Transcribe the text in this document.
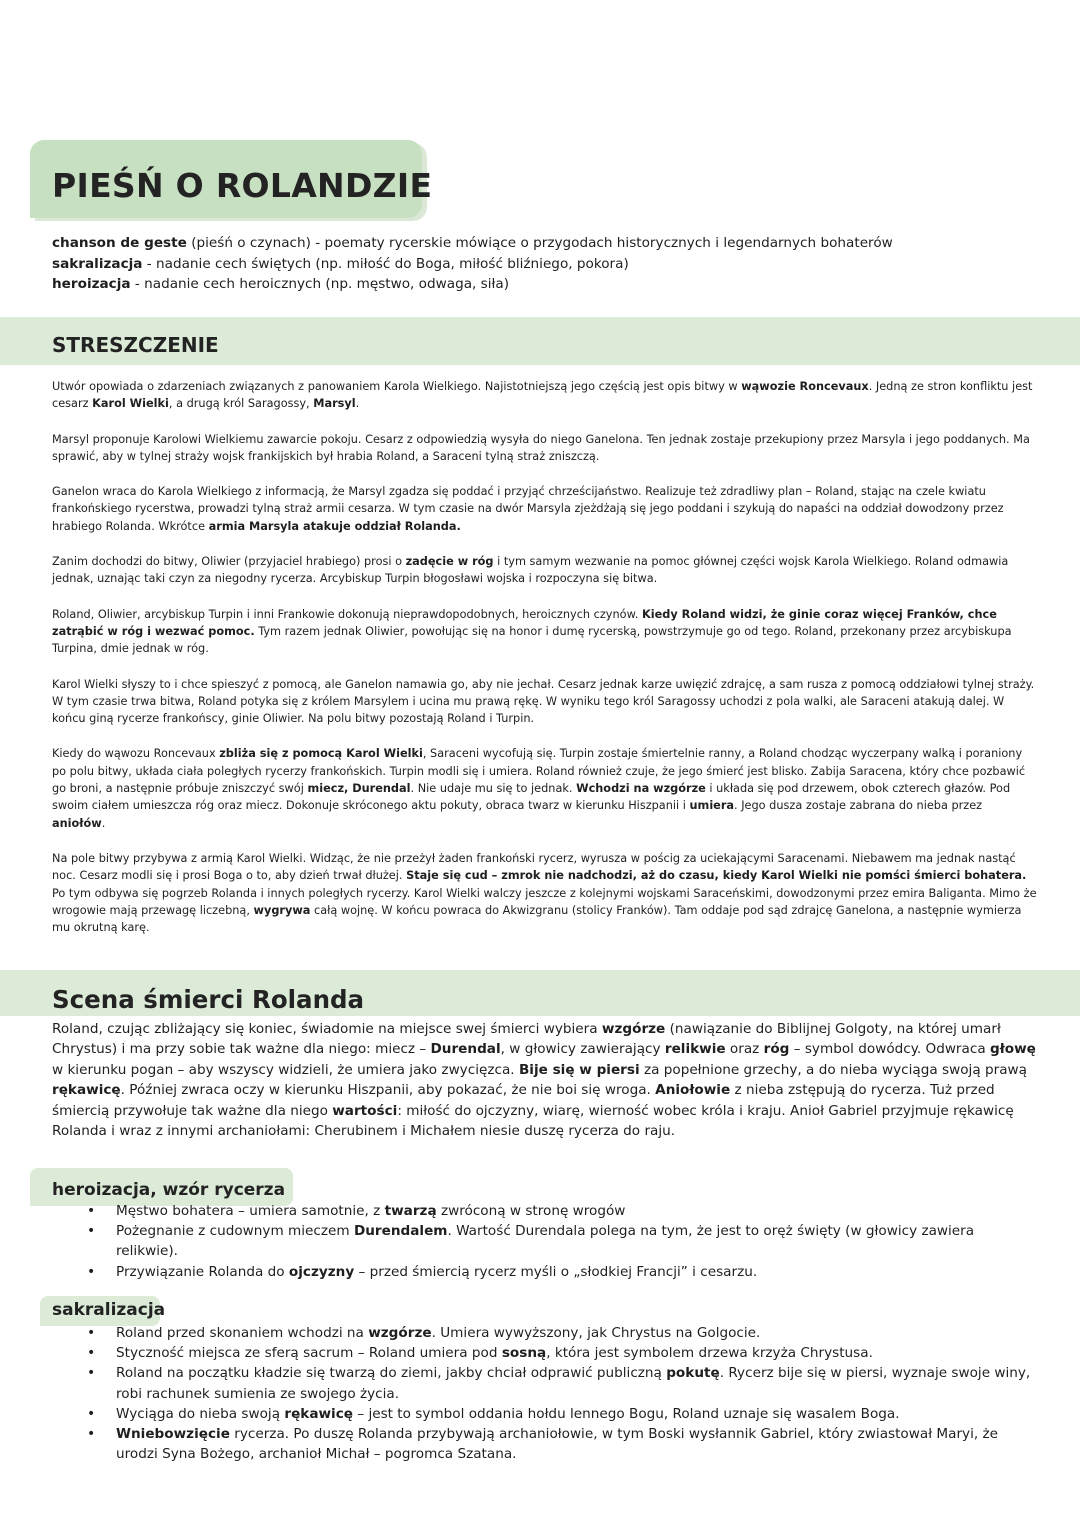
PIEŚŃ O ROLANDZIE

chanson de geste (pieśń o czynach) - poematy rycerskie mówiące o przygodach historycznych i legendarnych bohaterów

sakralizacja - nadanie cech świętych (np. miłość do Boga, miłość bliźniego, pokora)

heroizacja - nadanie cech heroicznych (np. męstwo, odwaga, siła)

STRESZCZENIE

Utwór opowiada o zdarzeniach związanych z panowaniem Karola Wielkiego. Najistotniejszą jego częścią jest opis bitwy w wąwozie Roncevaux. Jedną ze stron konfliktu jest cesarz Karol Wielki, a drugą król Saragossy, Marsyl.

Marsyl proponuje Karolowi Wielkiemu zawarcie pokoju. Cesarz z odpowiedzią wysyła do niego Ganelona. Ten jednak zostaje przekupiony przez Marsyla i jego poddanych. Ma sprawić, aby w tylnej straży wojsk frankijskich był hrabia Roland, a Saraceni tylną straż zniszczą.

Ganelon wraca do Karola Wielkiego z informacją, że Marsyl zgadza się poddać i przyjąć chrześcijaństwo. Realizuje też zdradliwy plan – Roland, stając na czele kwiatu frankońskiego rycerstwa, prowadzi tylną straż armii cesarza. W tym czasie na dwór Marsyla zjeżdżają się jego poddani i szykują do napaści na oddział dowodzony przez hrabiego Rolanda. Wkrótce armia Marsyla atakuje oddział Rolanda.

Zanim dochodzi do bitwy, Oliwier (przyjaciel hrabiego) prosi o zadęcie w róg i tym samym wezwanie na pomoc głównej części wojsk Karola Wielkiego. Roland odmawia jednak, uznając taki czyn za niegodny rycerza. Arcybiskup Turpin błogosławi wojska i rozpoczyna się bitwa.

Roland, Oliwier, arcybiskup Turpin i inni Frankowie dokonują nieprawdopodobnych, heroicznych czynów. Kiedy Roland widzi, że ginie coraz więcej Franków, chce zatrąbić w róg i wezwać pomoc. Tym razem jednak Oliwier, powołując się na honor i dumę rycerską, powstrzymuje go od tego. Roland, przekonany przez arcybiskupa Turpina, dmie jednak w róg.

Karol Wielki słyszy to i chce spieszyć z pomocą, ale Ganelon namawia go, aby nie jechał. Cesarz jednak karze uwięzić zdrajcę, a sam rusza z pomocą oddziałowi tylnej straży. W tym czasie trwa bitwa, Roland potyka się z królem Marsylem i ucina mu prawą rękę. W wyniku tego król Saragossy uchodzi z pola walki, ale Saraceni atakują dalej. W końcu giną rycerze frankońscy, ginie Oliwier. Na polu bitwy pozostają Roland i Turpin.

Kiedy do wąwozu Roncevaux zbliża się z pomocą Karol Wielki, Saraceni wycofują się. Turpin zostaje śmiertelnie ranny, a Roland chodząc wyczerpany walką i poraniony po polu bitwy, układa ciała poległych rycerzy frankońskich. Turpin modli się i umiera. Roland również czuje, że jego śmierć jest blisko. Zabija Saracena, który chce pozbawić go broni, a następnie próbuje zniszczyć swój miecz, Durendal. Nie udaje mu się to jednak. Wchodzi na wzgórze i układa się pod drzewem, obok czterech głazów. Pod swoim ciałem umieszcza róg oraz miecz. Dokonuje skróconego aktu pokuty, obraca twarz w kierunku Hiszpanii i umiera. Jego dusza zostaje zabrana do nieba przez aniołów.

Na pole bitwy przybywa z armią Karol Wielki. Widząc, że nie przeżył żaden frankoński rycerz, wyrusza w pościg za uciekającymi Saracenami. Niebawem ma jednak nastąć noc. Cesarz modli się i prosi Boga o to, aby dzień trwał dłużej. Staje się cud – zmrok nie nadchodzi, aż do czasu, kiedy Karol Wielki nie pomści śmierci bohatera. Po tym odbywa się pogrzeb Rolanda i innych poległych rycerzy. Karol Wielki walczy jeszcze z kolejnymi wojskami Saraceńskimi, dowodzonymi przez emira Baliganta. Mimo że wrogowie mają przewagę liczebną, wygrywa całą wojnę. W końcu powraca do Akwizgranu (stolicy Franków). Tam oddaje pod sąd zdrajcę Ganelona, a następnie wymierza mu okrutną karę.

Scena śmierci Rolanda

Roland, czując zbliżający się koniec, świadomie na miejsce swej śmierci wybiera wzgórze (nawiązanie do Biblijnej Golgoty, na której umarł Chrystus) i ma przy sobie tak ważne dla niego: miecz – Durendal, w głowicy zawierający relikwie oraz róg – symbol dowódcy. Odwraca głowę w kierunku pogan – aby wszyscy widzieli, że umiera jako zwycięzca. Bije się w piersi za popełnione grzechy, a do nieba wyciąga swoją prawą rękawicę. Później zwraca oczy w kierunku Hiszpanii, aby pokazać, że nie boi się wroga. Aniołowie z nieba zstępują do rycerza. Tuż przed śmiercią przywołuje tak ważne dla niego wartości: miłość do ojczyzny, wiarę, wierność wobec króla i kraju. Anioł Gabriel przyjmuje rękawicę Rolanda i wraz z innymi archaniołami: Cherubinem i Michałem niesie duszę rycerza do raju.

heroizacja, wzór rycerza
• Męstwo bohatera – umiera samotnie, z twarzą zwróconą w stronę wrogów
• Pożegnanie z cudownym mieczem Durendalem. Wartość Durendala polega na tym, że jest to oręż święty (w głowicy zawiera relikwie).
• Przywiązanie Rolanda do ojczyzny – przed śmiercią rycerz myśli o „słodkiej Francji” i cesarzu.
sakralizacja
• Roland przed skonaniem wchodzi na wzgórze. Umiera wywyższony, jak Chrystus na Golgocie.
• Styczność miejsca ze sferą sacrum – Roland umiera pod sosną, która jest symbolem drzewa krzyża Chrystusa.
• Roland na początku kładzie się twarzą do ziemi, jakby chciał odprawić publiczną pokutę. Rycerz bije się w piersi, wyznaje swoje winy, robi rachunek sumienia ze swojego życia.
• Wyciąga do nieba swoją rękawicę – jest to symbol oddania hołdu lennego Bogu, Roland uznaje się wasalem Boga.
• Wniebowzięcie rycerza. Po duszę Rolanda przybywają archaniołowie, w tym Boski wysłannik Gabriel, który zwiastował Maryi, że urodzi Syna Bożego, archanioł Michał – pogromca Szatana.
